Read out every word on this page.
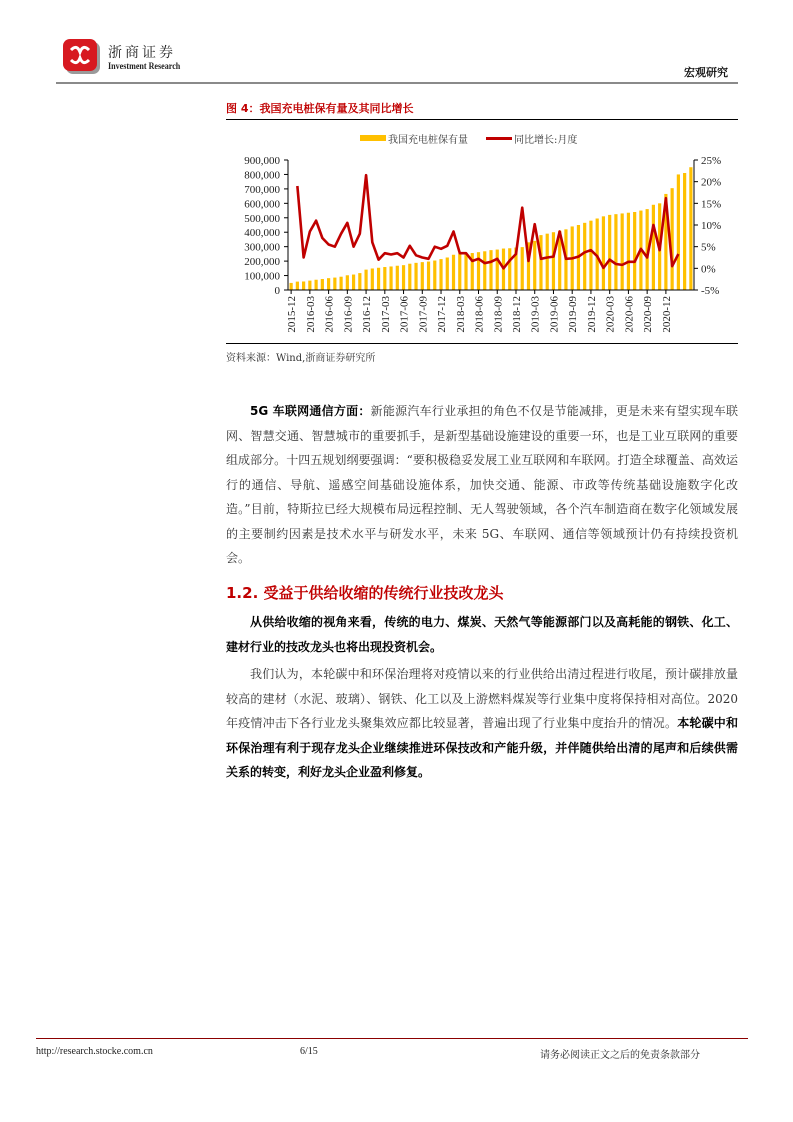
浙商证券
Investment Research	宏观研究
图 4：我国充电桩保有量及其同比增长
我国充电桩保有量	同比增长:月度
0
100,000
200,000
300,000
400,000
500,000
600,000
700,000
800,000
900,000
-5%
0%
5%
10%
15%
20%
25%
2015-12 2016-03 2016-06 2016-09 2016-12 2017-03 2017-06 2017-09 2017-12 2018-03 2018-06 2018-09 2018-12 2019-03 2019-06 2019-09 2019-12 2020-03 2020-06 2020-09 2020-12
资料来源：Wind,浙商证券研究所
5G 车联网通信方面：新能源汽车行业承担的角色不仅是节能减排，更是未来有望实现车联网、智慧交通、智慧城市的重要抓手，是新型基础设施建设的重要一环，也是工业互联网的重要组成部分。十四五规划纲要强调：“要积极稳妥发展工业互联网和车联网。打造全球覆盖、高效运行的通信、导航、遥感空间基础设施体系，加快交通、能源、市政等传统基础设施数字化改造。”目前，特斯拉已经大规模布局远程控制、无人驾驶领域，各个汽车制造商在数字化领域发展的主要制约因素是技术水平与研发水平，未来 5G、车联网、通信等领域预计仍有持续投资机会。
1.2. 受益于供给收缩的传统行业技改龙头
从供给收缩的视角来看，传统的电力、煤炭、天然气等能源部门以及高耗能的钢铁、化工、建材行业的技改龙头也将出现投资机会。
我们认为，本轮碳中和环保治理将对疫情以来的行业供给出清过程进行收尾，预计碳排放量较高的建材（水泥、玻璃）、钢铁、化工以及上游燃料煤炭等行业集中度将保持相对高位。2020 年疫情冲击下各行业龙头聚集效应都比较显著，普遍出现了行业集中度抬升的情况。本轮碳中和环保治理有利于现存龙头企业继续推进环保技改和产能升级，并伴随供给出清的尾声和后续供需关系的转变，利好龙头企业盈利修复。
http://research.stocke.com.cn	6/15	请务必阅读正文之后的免责条款部分
